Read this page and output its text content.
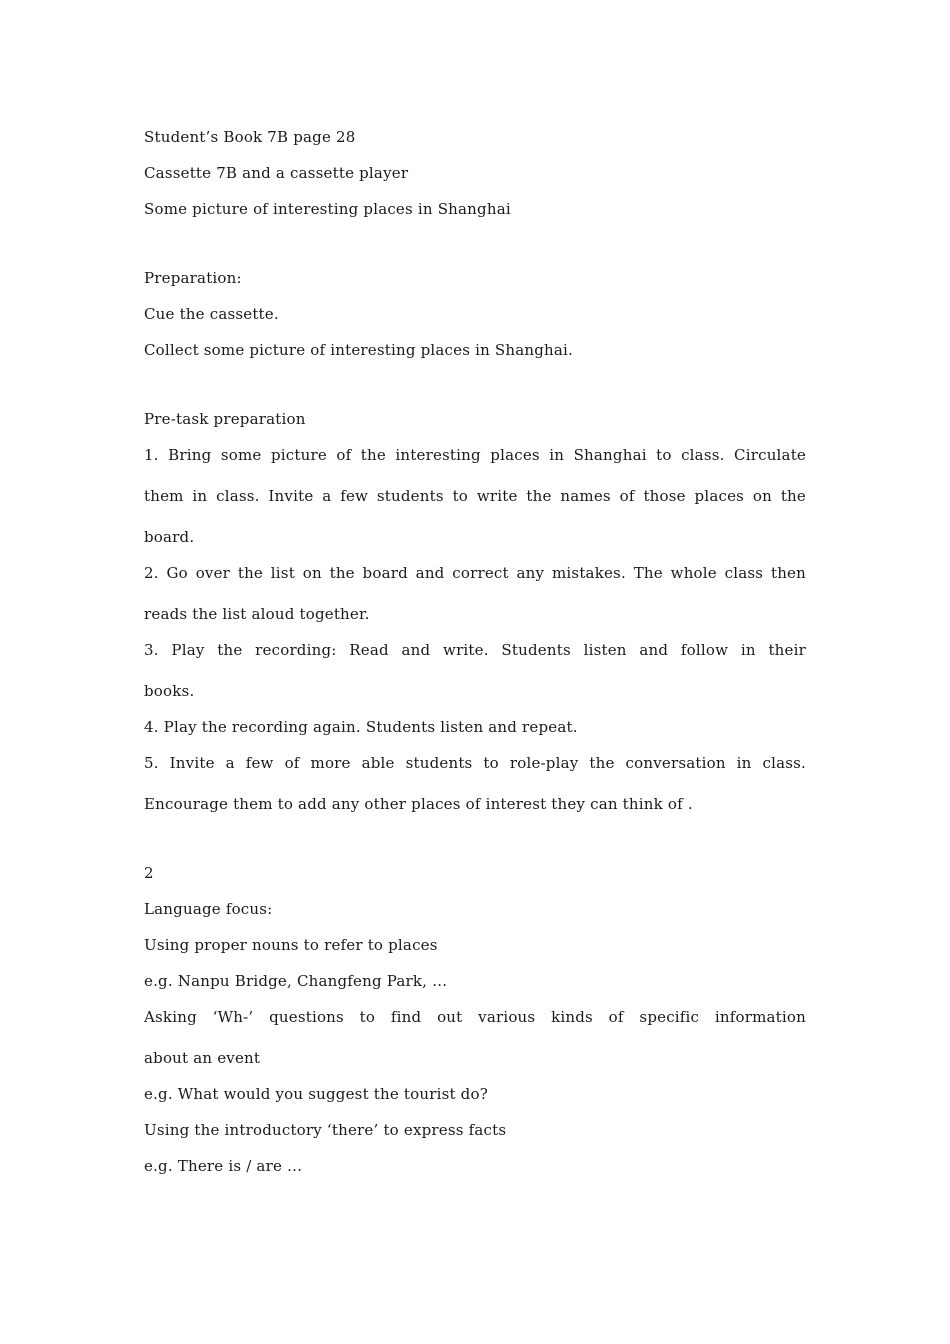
Student’s Book 7B page 28
Cassette 7B and a cassette player
Some picture of interesting places in Shanghai
Preparation:
Cue the cassette.
Collect some picture of interesting places in Shanghai.
Pre-task preparation
1. Bring some picture of the interesting places in Shanghai to class. Circulate
them in class. Invite a few students to write the names of those places on the
board.
2. Go over the list on the board and correct any mistakes. The whole class then
reads the list aloud together.
3. Play the recording: Read and write. Students listen and follow in their
books.
4. Play the recording again. Students listen and repeat.
5. Invite a few of more able students to role-play the conversation in class.
Encourage them to add any other places of interest they can think of .
2
Language focus:
Using proper nouns to refer to places
e.g. Nanpu Bridge, Changfeng Park, …
Asking ‘Wh-’ questions to find out various kinds of specific information
about an event
e.g. What would you suggest the tourist do?
Using the introductory ‘there’ to express facts
e.g. There is / are …
